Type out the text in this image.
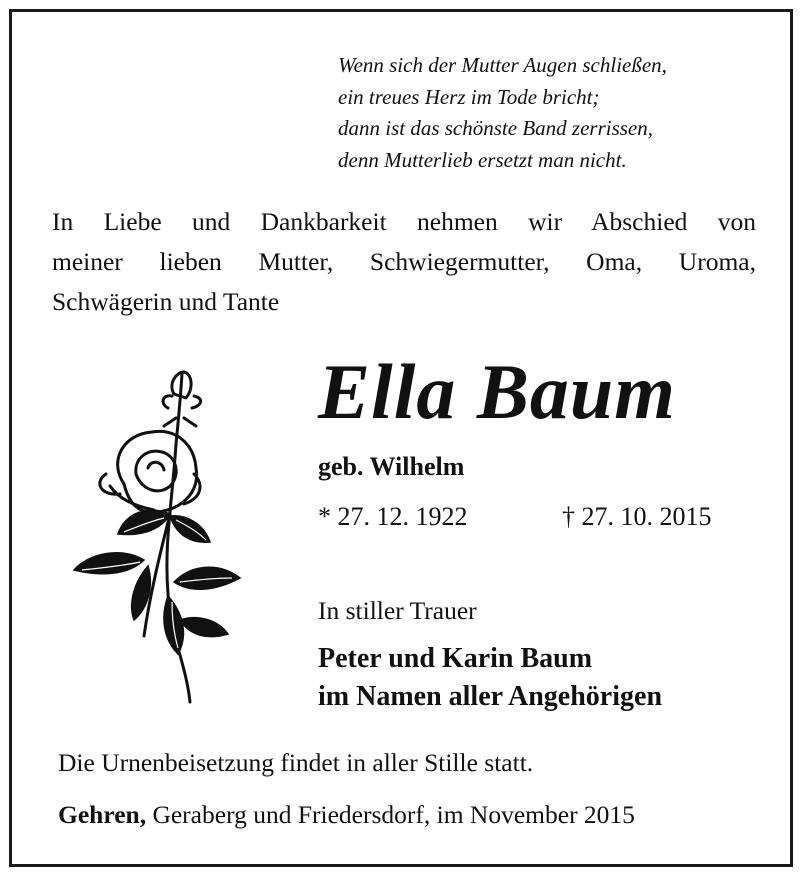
Wenn sich der Mutter Augen schließen,
ein treues Herz im Tode bricht;
dann ist das schönste Band zerrissen,
denn Mutterlieb ersetzt man nicht.
In Liebe und Dankbarkeit nehmen wir Abschied von
meiner lieben Mutter, Schwiegermutter, Oma, Uroma,
Schwägerin und Tante
Ella Baum
geb. Wilhelm
* 27. 12. 1922	† 27. 10. 2015
In stiller Trauer
Peter und Karin Baum
im Namen aller Angehörigen
Die Urnenbeisetzung findet in aller Stille statt.
Gehren, Geraberg und Friedersdorf, im November 2015
